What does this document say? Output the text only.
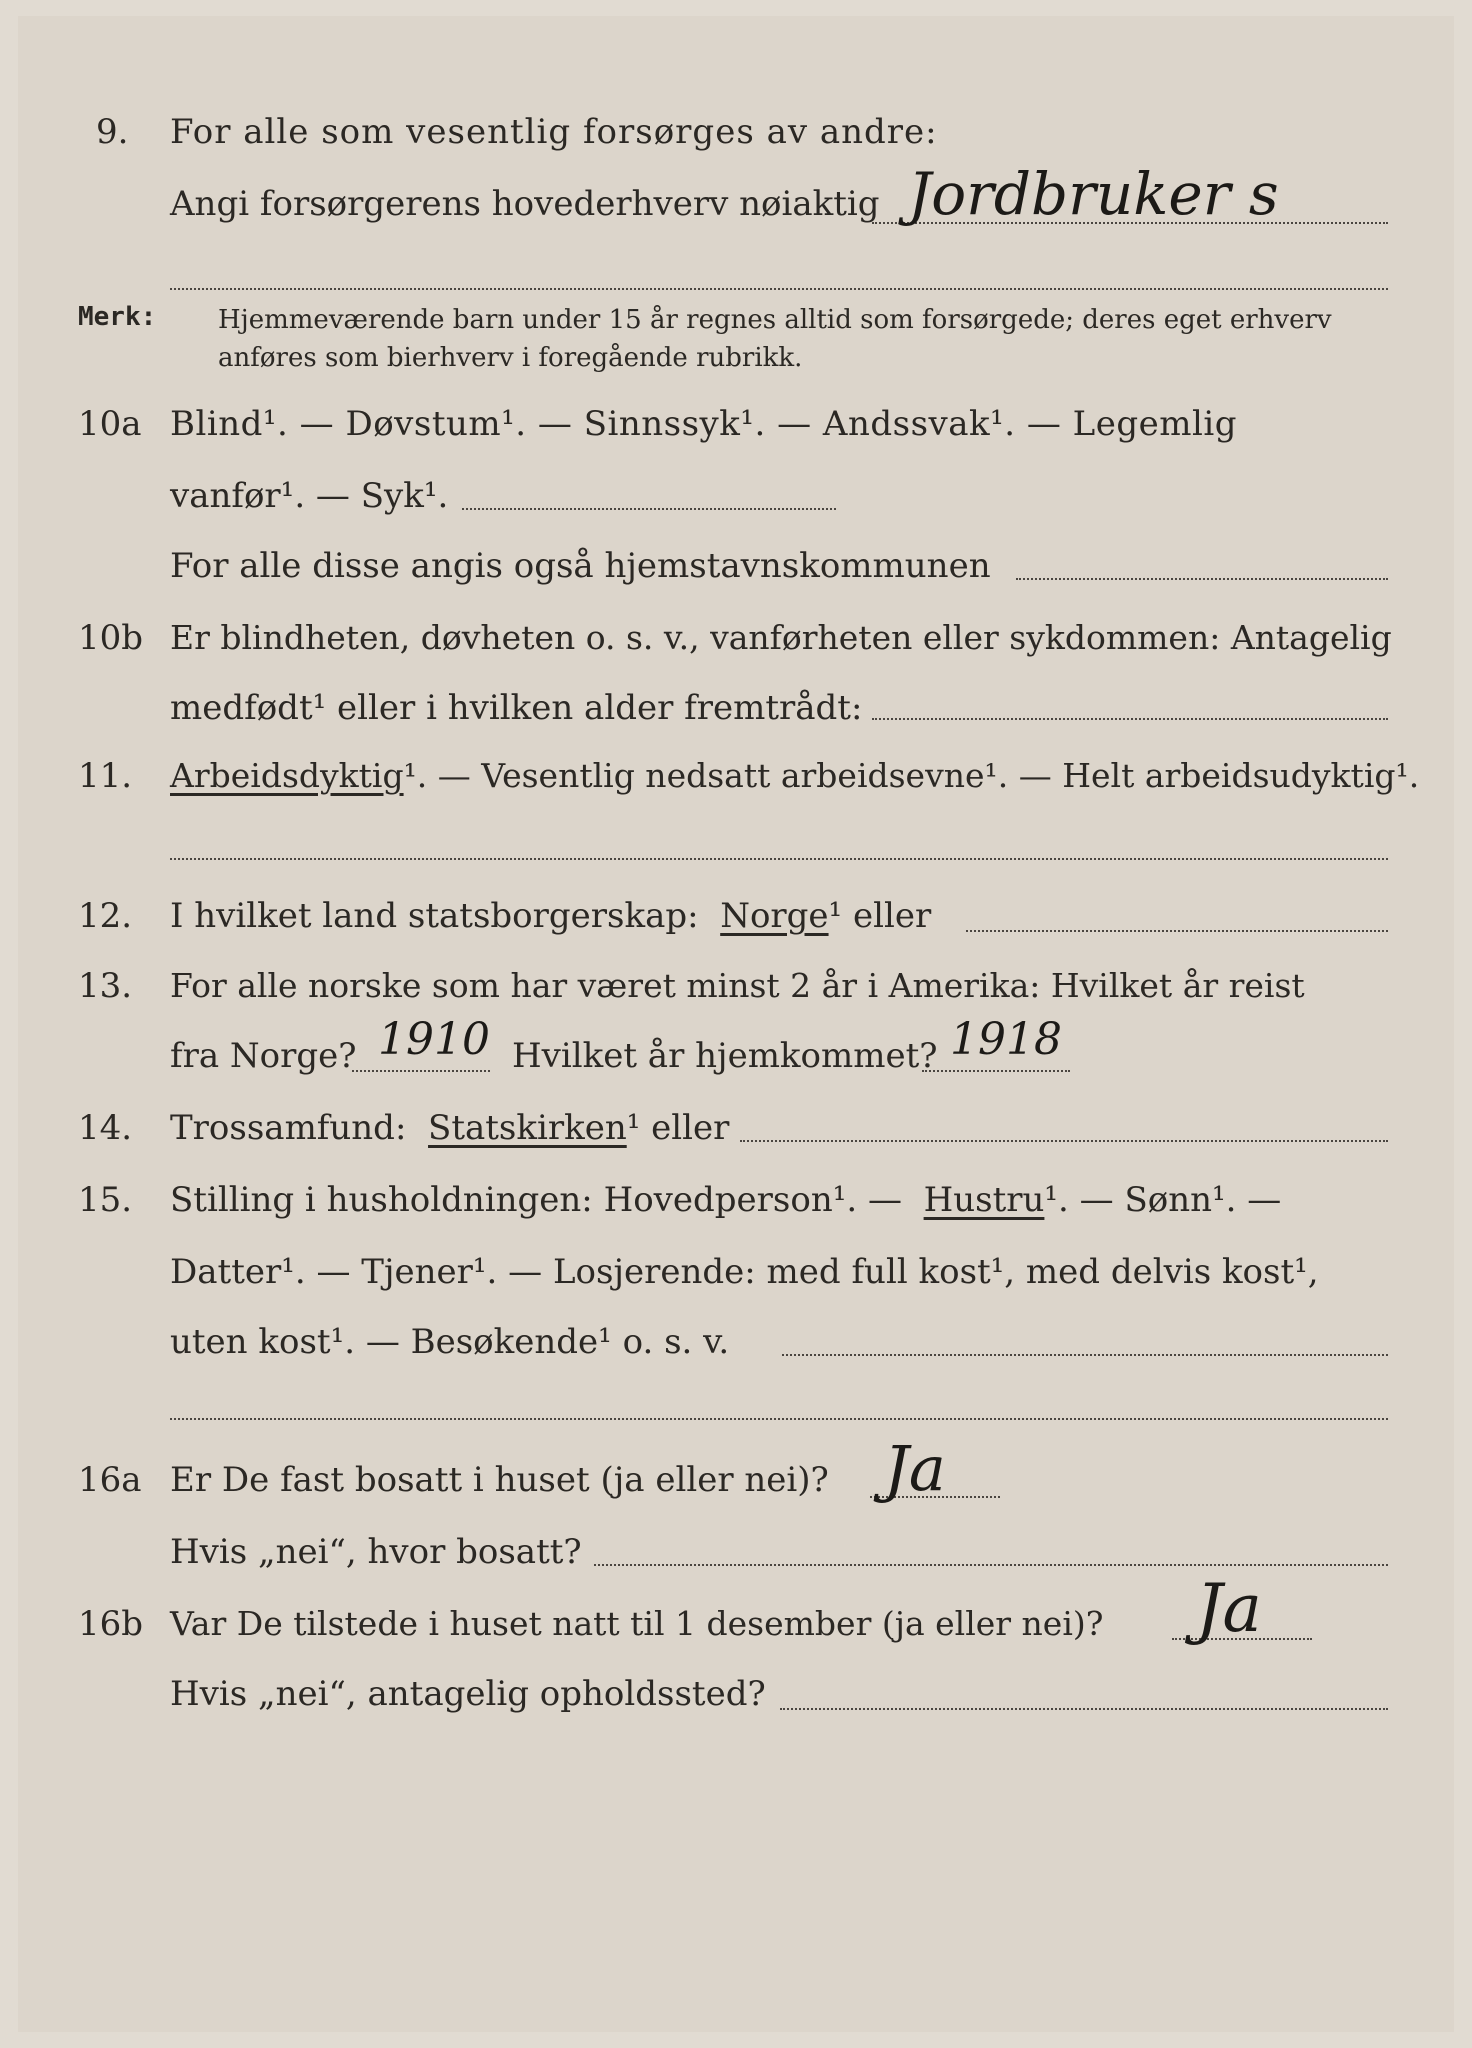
9. For alle som vesentlig forsørges av andre:
Angi forsørgerens hovederhverv nøiaktig Jordbruker s
Merk: Hjemmeværende barn under 15 år regnes alltid som forsørgede; deres eget erhverv
anføres som bierhverv i foregående rubrikk.
10a Blind¹. — Døvstum¹. — Sinnssyk¹. — Andssvak¹. — Legemlig
vanfør¹. — Syk¹.
For alle disse angis også hjemstavnskommunen
10b Er blindheten, døvheten o. s. v., vanførheten eller sykdommen: Antagelig
medfødt¹ eller i hvilken alder fremtrådt:
11. Arbeidsdyktig¹. — Vesentlig nedsatt arbeidsevne¹. — Helt arbeidsudyktig¹.
12. I hvilket land statsborgerskap: Norge¹ eller
13. For alle norske som har været minst 2 år i Amerika: Hvilket år reist
fra Norge? 1910 Hvilket år hjemkommet? 1918
14. Trossamfund: Statskirken¹ eller
15. Stilling i husholdningen: Hovedperson¹. — Hustru¹. — Sønn¹. —
Datter¹. — Tjener¹. — Losjerende: med full kost¹, med delvis kost¹,
uten kost¹. — Besøkende¹ o. s. v.
16a Er De fast bosatt i huset (ja eller nei)? Ja
Hvis „nei“, hvor bosatt?
16b Var De tilstede i huset natt til 1 desember (ja eller nei)? Ja
Hvis „nei“, antagelig opholdssted?
